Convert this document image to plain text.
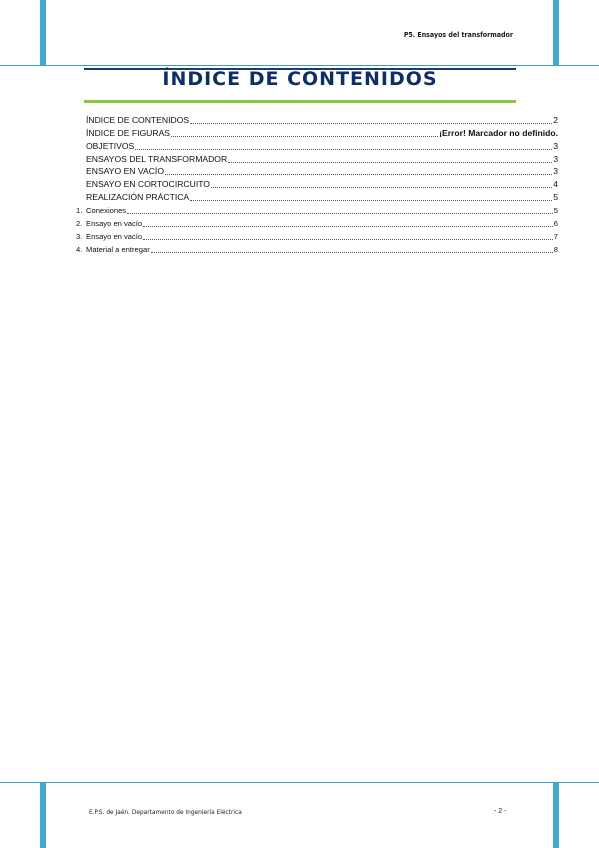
P5. Ensayos del transformador
ÍNDICE DE CONTENIDOS
ÍNDICE DE CONTENIDOS	2
ÍNDICE DE FIGURAS	¡Error! Marcador no definido.
OBJETIVOS	3
ENSAYOS DEL TRANSFORMADOR	3
ENSAYO EN VACÍO	3
ENSAYO EN CORTOCIRCUITO	4
REALIZACIÓN PRÁCTICA	5
1. Conexiones	5
2. Ensayo en vacío	6
3. Ensayo en vacío	7
4. Material a entregar	8
E.P.S. de Jaén. Departamento de Ingeniería Eléctrica	- 2 -
